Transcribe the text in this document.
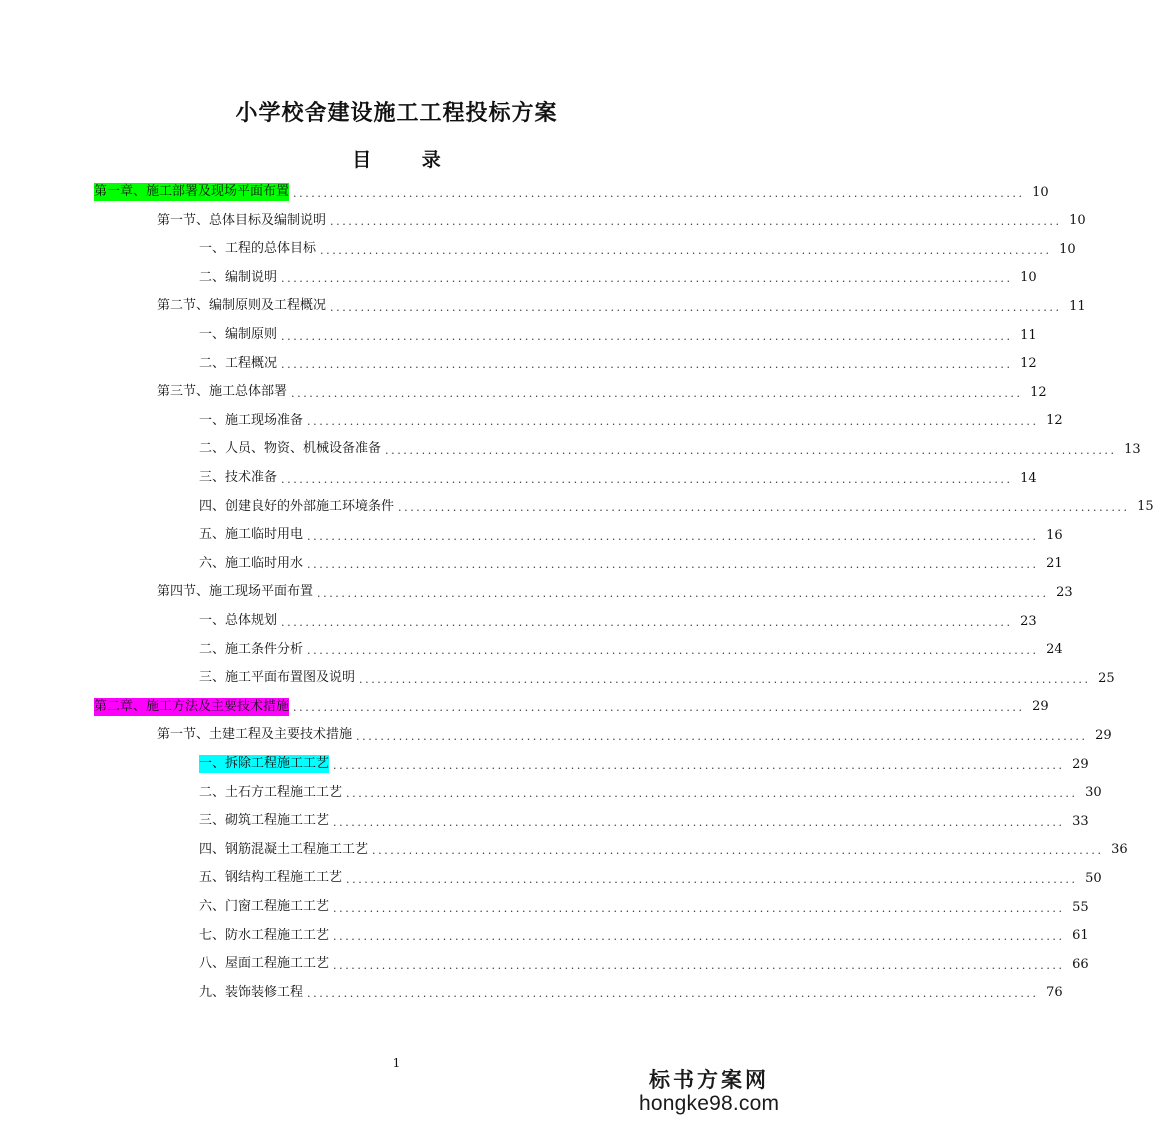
小学校舍建设施工工程投标方案
目 录
第一章、施工部署及现场平面布置 ........................................................................................................................ 10
第一节、总体目标及编制说明 ........................................................................................................................ 10
一、工程的总体目标 ........................................................................................................................ 10
二、编制说明 ........................................................................................................................ 10
第二节、编制原则及工程概况 ........................................................................................................................ 11
一、编制原则 ........................................................................................................................ 11
二、工程概况 ........................................................................................................................ 12
第三节、施工总体部署 ........................................................................................................................ 12
一、施工现场准备 ........................................................................................................................ 12
二、人员、物资、机械设备准备 ........................................................................................................................ 13
三、技术准备 ........................................................................................................................ 14
四、创建良好的外部施工环境条件 ........................................................................................................................ 15
五、施工临时用电 ........................................................................................................................ 16
六、施工临时用水 ........................................................................................................................ 21
第四节、施工现场平面布置 ........................................................................................................................ 23
一、总体规划 ........................................................................................................................ 23
二、施工条件分析 ........................................................................................................................ 24
三、施工平面布置图及说明 ........................................................................................................................ 25
第二章、施工方法及主要技术措施 ........................................................................................................................ 29
第一节、土建工程及主要技术措施 ........................................................................................................................ 29
一、拆除工程施工工艺 ........................................................................................................................ 29
二、土石方工程施工工艺 ........................................................................................................................ 30
三、砌筑工程施工工艺 ........................................................................................................................ 33
四、钢筋混凝土工程施工工艺 ........................................................................................................................ 36
五、钢结构工程施工工艺 ........................................................................................................................ 50
六、门窗工程施工工艺 ........................................................................................................................ 55
七、防水工程施工工艺 ........................................................................................................................ 61
八、屋面工程施工工艺 ........................................................................................................................ 66
九、装饰装修工程 ........................................................................................................................ 76
1
标书方案网
hongke98.com
